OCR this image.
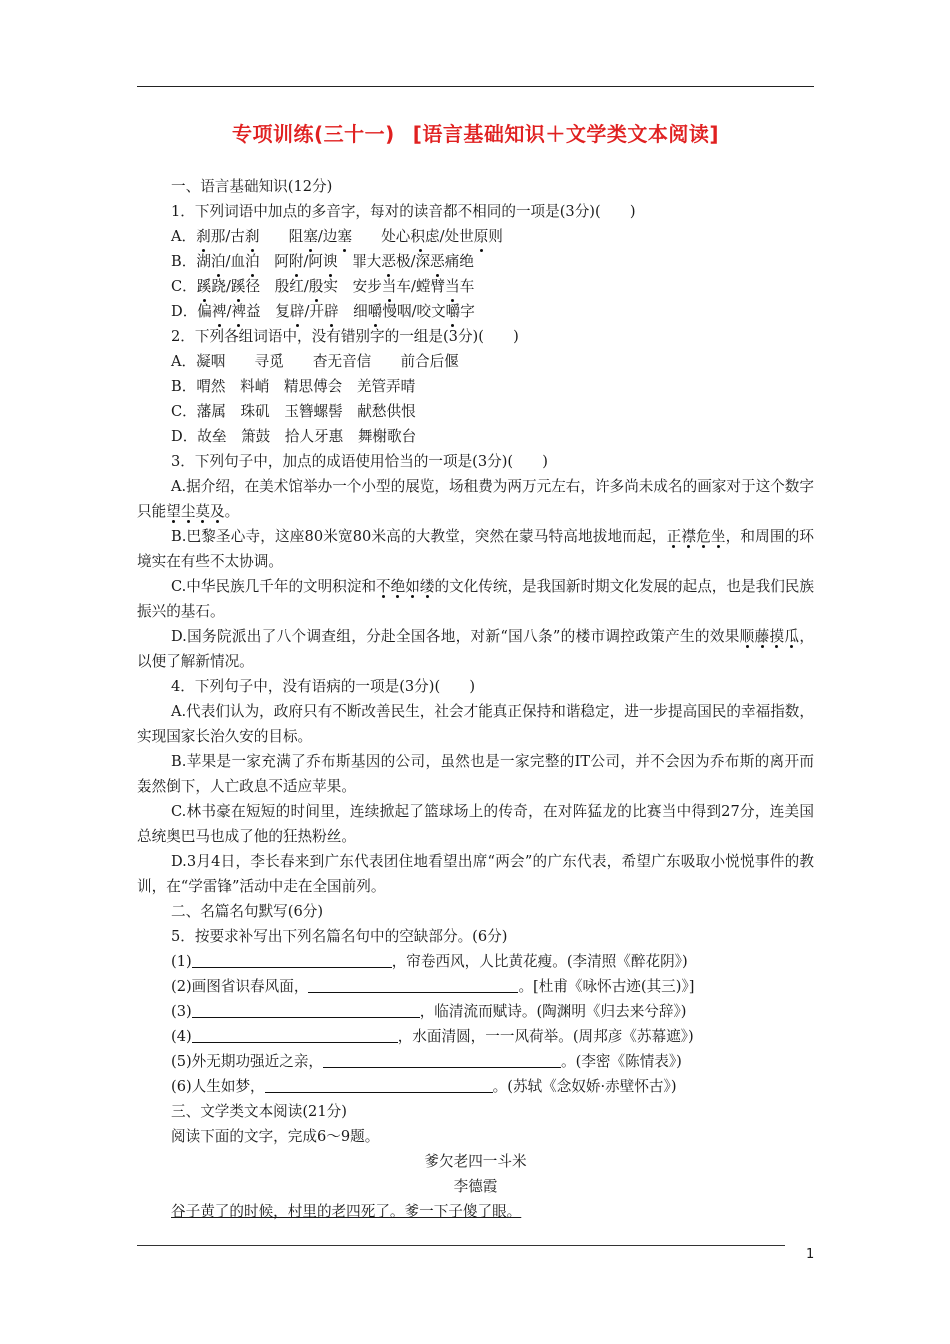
专项训练(三十一) [语言基础知识＋文学类文本阅读]

一、语言基础知识(12分)

1．下列词语中加点的多音字，每对的读音都不相同的一项是(3分)(　　)

A．刹那/古刹　　阻塞/边塞　　处心积虑/处世原则

B．湖泊/血泊　阿附/阿谀　罪大恶极/深恶痛绝

C．蹊跷/蹊径　殷红/殷实　安步当车/螳臂当车

D．偏裨/裨益　复辟/开辟　细嚼慢咽/咬文嚼字

2．下列各组词语中，没有错别字的一组是(3分)(　　)

A．凝咽　　寻觅　　杳无音信　　前合后偃

B．喟然　料峭　精思傅会　羌管弄晴

C．藩属　珠矶　玉簪螺髻　献愁供恨

D．故垒　箫鼓　拾人牙惠　舞榭歌台

3．下列句子中，加点的成语使用恰当的一项是(3分)(　　)

A.据介绍，在美术馆举办一个小型的展览，场租费为两万元左右，许多尚未成名的画家对于这个数字只能望尘莫及。

B.巴黎圣心寺，这座80米宽80米高的大教堂，突然在蒙马特高地拔地而起，正襟危坐，和周围的环境实在有些不太协调。

C.中华民族几千年的文明积淀和不绝如缕的文化传统，是我国新时期文化发展的起点，也是我们民族振兴的基石。

D.国务院派出了八个调查组，分赴全国各地，对新“国八条”的楼市调控政策产生的效果顺藤摸瓜，以便了解新情况。

4．下列句子中，没有语病的一项是(3分)(　　)

A.代表们认为，政府只有不断改善民生，社会才能真正保持和谐稳定，进一步提高国民的幸福指数，实现国家长治久安的目标。

B.苹果是一家充满了乔布斯基因的公司，虽然也是一家完整的IT公司，并不会因为乔布斯的离开而轰然倒下，人亡政息不适应苹果。

C.林书豪在短短的时间里，连续掀起了篮球场上的传奇，在对阵猛龙的比赛当中得到27分，连美国总统奥巴马也成了他的狂热粉丝。

D.3月4日，李长春来到广东代表团住地看望出席“两会”的广东代表，希望广东吸取小悦悦事件的教训，在“学雷锋”活动中走在全国前列。

二、名篇名句默写(6分)

5．按要求补写出下列名篇名句中的空缺部分。(6分)

(1)	，帘卷西风，人比黄花瘦。(李清照《醉花阴》)

(2)画图省识春风面，	。[杜甫《咏怀古迹(其三)》]

(3)	，临清流而赋诗。(陶渊明《归去来兮辞》)

(4)	，水面清圆，一一风荷举。(周邦彦《苏幕遮》)

(5)外无期功强近之亲，	。(李密《陈情表》)

(6)人生如梦，	。(苏轼《念奴娇·赤壁怀古》)

三、文学类文本阅读(21分)

阅读下面的文字，完成6～9题。

爹欠老四一斗米

李德霞

谷子黄了的时候，村里的老四死了。爹一下子傻了眼。

1
